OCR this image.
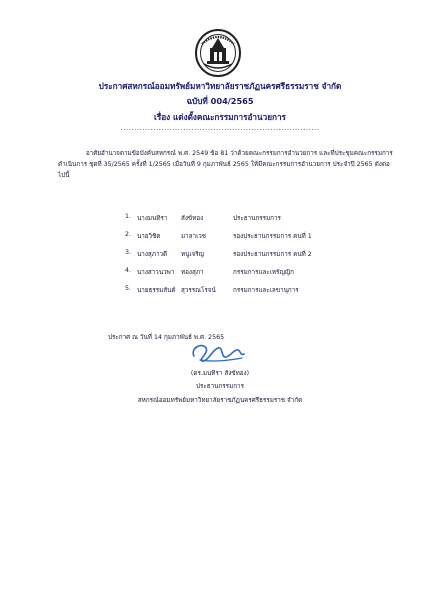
ประกาศสหกรณ์ออมทรัพย์มหาวิทยาลัยราชภัฏนครศรีธรรมราช จำกัด
ฉบับที่ 004/2565
เรื่อง แต่งตั้งคณะกรรมการอำนวยการ
.........................................................................
อาศัยอำนาจตามข้อบังคับสหกรณ์ พ.ศ. 2549 ข้อ 81 ว่าด้วยคณะกรรมการอำนวยการ และที่ประชุมคณะกรรมการดำเนินการ ชุดที่ 35/2565 ครั้งที่ 1/2565 เมื่อวันที่ 9 กุมภาพันธ์ 2565 ให้มีคณะกรรมการอำนวยการ ประจำปี 2565 ดังต่อไปนี้
1. นางมนทิรา สังข์ทอง	ประธานกรรมการ
2. นายวิชิต	มาลาเวช	รองประธานกรรมการ คนที่ 1
3. นางสุภาวดี หนูเจริญ	รองประธานกรรมการ คนที่ 2
4. นางสาวนวพา ทองสุภา	กรรมการและเหรัญญิก
5. นายธรรมสันต์ สุวรรณโรจน์	กรรมการและเลขานุการ
ประกาศ ณ วันที่ 14 กุมภาพันธ์ พ.ศ. 2565
(ดร.มนทิรา สังข์ทอง)
ประธานกรรมการ
สหกรณ์ออมทรัพย์มหาวิทยาลัยราชภัฏนครศรีธรรมราช จำกัด
